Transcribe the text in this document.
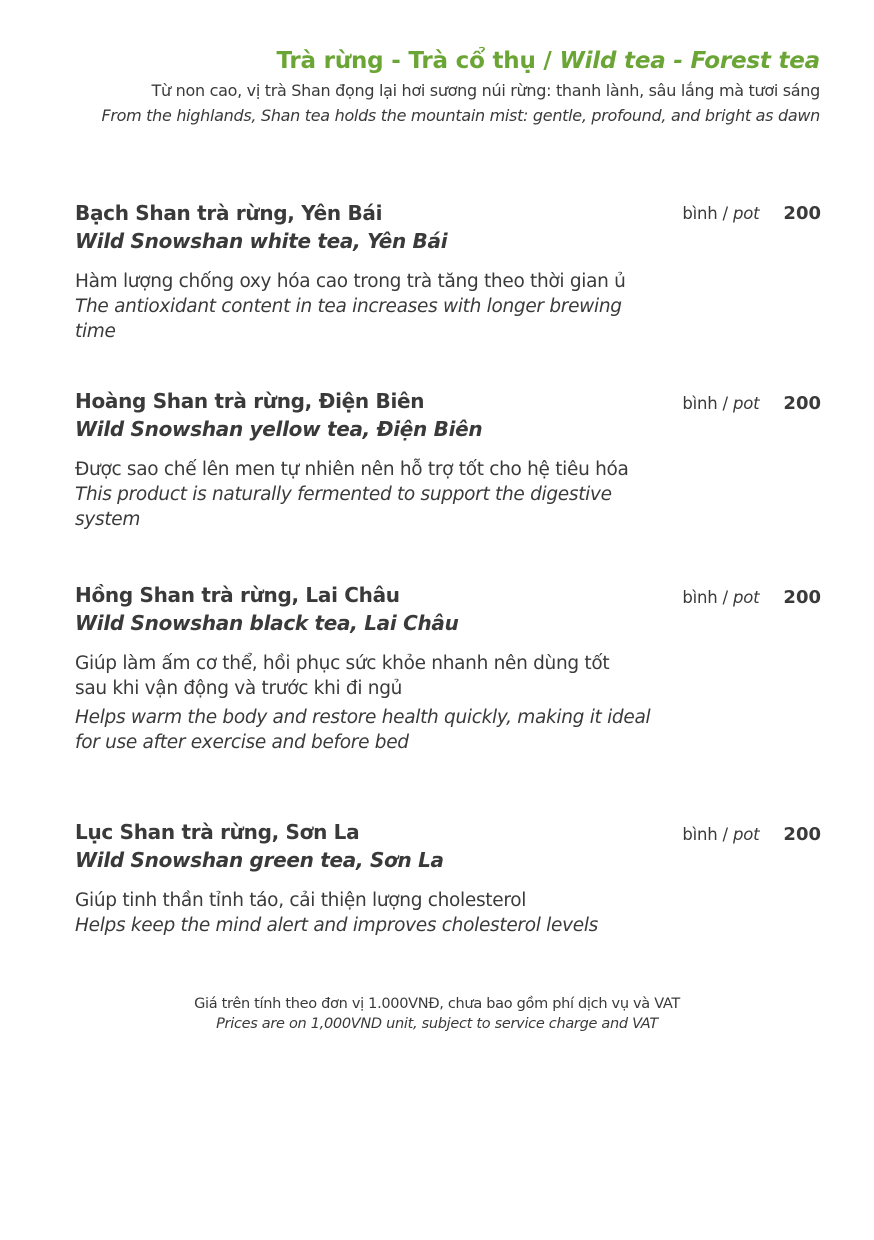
Trà rừng - Trà cổ thụ / Wild tea - Forest tea
Từ non cao, vị trà Shan đọng lại hơi sương núi rừng: thanh lành, sâu lắng mà tươi sáng
From the highlands, Shan tea holds the mountain mist: gentle, profound, and bright as dawn
Bạch Shan trà rừng, Yên Bái
Wild Snowshan white tea, Yên Bái
Hàm lượng chống oxy hóa cao trong trà tăng theo thời gian ủ
The antioxidant content in tea increases with longer brewing time
bình / pot 200
Hoàng Shan trà rừng, Điện Biên
Wild Snowshan yellow tea, Điện Biên
Được sao chế lên men tự nhiên nên hỗ trợ tốt cho hệ tiêu hóa
This product is naturally fermented to support the digestive system
bình / pot 200
Hồng Shan trà rừng, Lai Châu
Wild Snowshan black tea, Lai Châu
Giúp làm ấm cơ thể, hồi phục sức khỏe nhanh nên dùng tốt
sau khi vận động và trước khi đi ngủ
Helps warm the body and restore health quickly, making it ideal
for use after exercise and before bed
bình / pot 200
Lục Shan trà rừng, Sơn La
Wild Snowshan green tea, Sơn La
Giúp tinh thần tỉnh táo, cải thiện lượng cholesterol
Helps keep the mind alert and improves cholesterol levels
bình / pot 200
Giá trên tính theo đơn vị 1.000VNĐ, chưa bao gồm phí dịch vụ và VAT
Prices are on 1,000VND unit, subject to service charge and VAT
